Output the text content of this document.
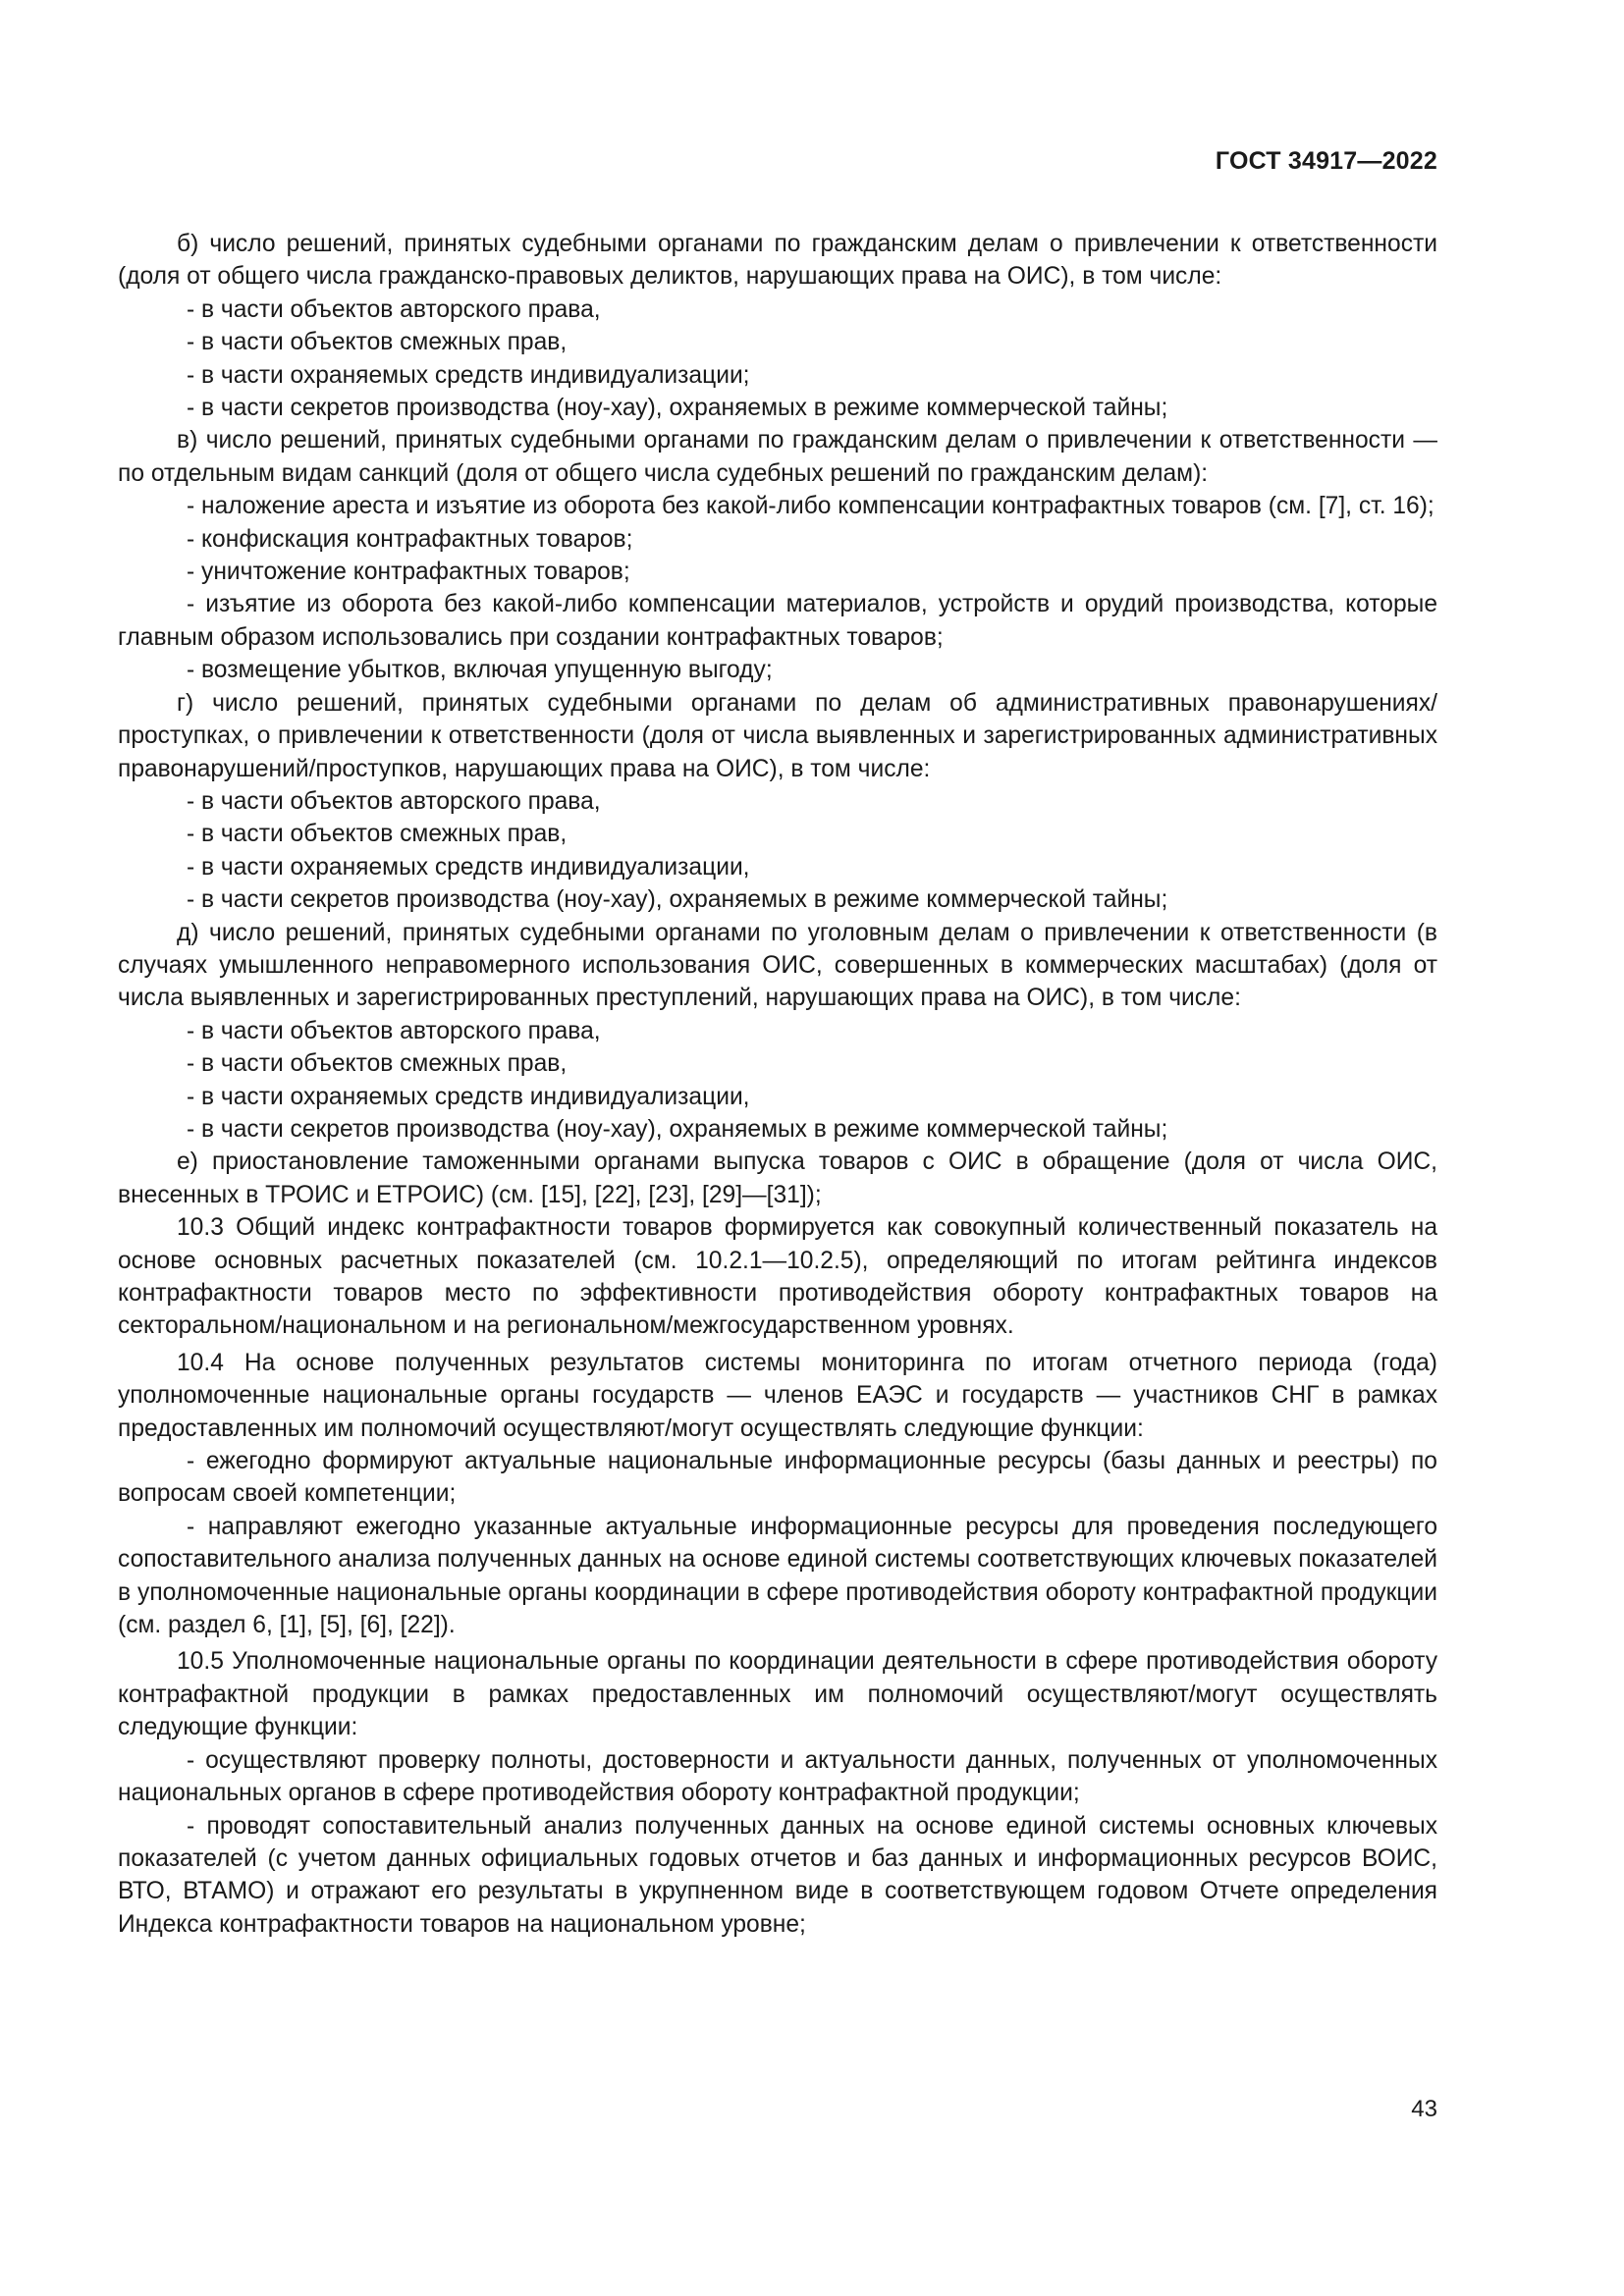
ГОСТ 34917—2022

б) число решений, принятых судебными органами по гражданским делам о привлечении к ответственности (доля от общего числа гражданско-правовых деликтов, нарушающих права на ОИС), в том числе:

- в части объектов авторского права,

- в части объектов смежных прав,

- в части охраняемых средств индивидуализации;

- в части секретов производства (ноу-хау), охраняемых в режиме коммерческой тайны;

в) число решений, принятых судебными органами по гражданским делам о привлечении к ответственности — по отдельным видам санкций (доля от общего числа судебных решений по гражданским делам):

- наложение ареста и изъятие из оборота без какой-либо компенсации контрафактных товаров (см. [7], ст. 16);

- конфискация контрафактных товаров;

- уничтожение контрафактных товаров;

- изъятие из оборота без какой-либо компенсации материалов, устройств и орудий производства, которые главным образом использовались при создании контрафактных товаров;

- возмещение убытков, включая упущенную выгоду;

г) число решений, принятых судебными органами по делам об административных правонарушениях/проступках, о привлечении к ответственности (доля от числа выявленных и зарегистрированных административных правонарушений/проступков, нарушающих права на ОИС), в том числе:

- в части объектов авторского права,

- в части объектов смежных прав,

- в части охраняемых средств индивидуализации,

- в части секретов производства (ноу-хау), охраняемых в режиме коммерческой тайны;

д) число решений, принятых судебными органами по уголовным делам о привлечении к ответственности (в случаях умышленного неправомерного использования ОИС, совершенных в коммерческих масштабах) (доля от числа выявленных и зарегистрированных преступлений, нарушающих права на ОИС), в том числе:

- в части объектов авторского права,

- в части объектов смежных прав,

- в части охраняемых средств индивидуализации,

- в части секретов производства (ноу-хау), охраняемых в режиме коммерческой тайны;

е) приостановление таможенными органами выпуска товаров с ОИС в обращение (доля от числа ОИС, внесенных в ТРОИС и ЕТРОИС) (см. [15], [22], [23], [29]—[31]);

10.3 Общий индекс контрафактности товаров формируется как совокупный количественный показатель на основе основных расчетных показателей (см. 10.2.1—10.2.5), определяющий по итогам рейтинга индексов контрафактности товаров место по эффективности противодействия обороту контрафактных товаров на секторальном/национальном и на региональном/межгосударственном уровнях.

10.4 На основе полученных результатов системы мониторинга по итогам отчетного периода (года) уполномоченные национальные органы государств — членов ЕАЭС и государств — участников СНГ в рамках предоставленных им полномочий осуществляют/могут осуществлять следующие функции:

- ежегодно формируют актуальные национальные информационные ресурсы (базы данных и реестры) по вопросам своей компетенции;

- направляют ежегодно указанные актуальные информационные ресурсы для проведения последующего сопоставительного анализа полученных данных на основе единой системы соответствующих ключевых показателей в уполномоченные национальные органы координации в сфере противодействия обороту контрафактной продукции (см. раздел 6, [1], [5], [6], [22]).

10.5 Уполномоченные национальные органы по координации деятельности в сфере противодействия обороту контрафактной продукции в рамках предоставленных им полномочий осуществляют/могут осуществлять следующие функции:

- осуществляют проверку полноты, достоверности и актуальности данных, полученных от уполномоченных национальных органов в сфере противодействия обороту контрафактной продукции;

- проводят сопоставительный анализ полученных данных на основе единой системы основных ключевых показателей (с учетом данных официальных годовых отчетов и баз данных и информационных ресурсов ВОИС, ВТО, ВТАМО) и отражают его результаты в укрупненном виде в соответствующем годовом Отчете определения Индекса контрафактности товаров на национальном уровне;

43
